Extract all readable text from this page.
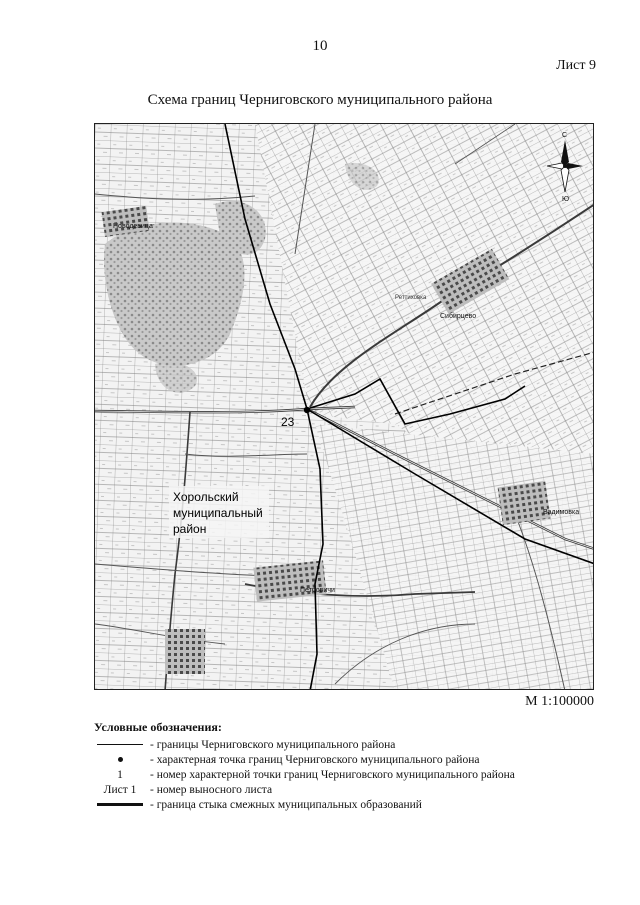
10
Лист 9
Схема границ Черниговского муниципального района
23
Новодевица
Сибирцево
Реттиховка
Вадимовка
Петровичи
Хорольский
муниципальный
район
С
Ю
М 1:100000
Условные обозначения:
- границы Черниговского муниципального района
- характерная точка границ Черниговского муниципального района
1	- номер характерной точки границ Черниговского муниципального района
Лист 1	- номер выносного листа
- граница стыка смежных муниципальных образований
